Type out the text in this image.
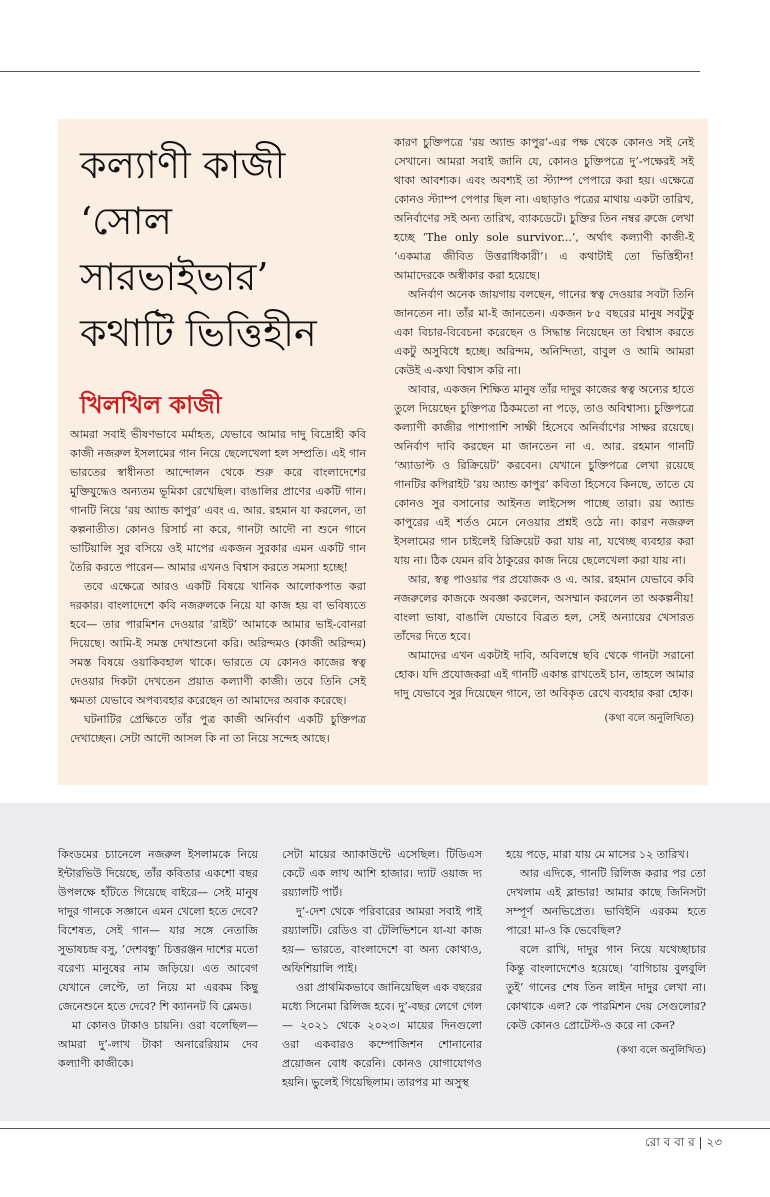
কল্যাণী কাজী
‘সোল
সারভাইভার’
কথাটি ভিত্তিহীন
খিলখিল কাজী

আমরা সবাই ভীষণভাবে মর্মাহত, যেভাবে আমার দাদু বিদ্রোহী কবি কাজী নজরুল ইসলামের গান নিয়ে ছেলেখেলা হল সম্প্রতি। এই গান ভারতের স্বাধীনতা আন্দোলন থেকে শুরু করে বাংলাদেশের মুক্তিযুদ্ধেও অন্যতম ভূমিকা রেখেছিল। বাঙালির প্রাণের একটি গান। গানটি নিয়ে ‘রয় অ্যান্ড কাপুর’ এবং এ. আর. রহমান যা করলেন, তা কল্পনাতীত। কোনও রিসার্চ না করে, গানটা আদৌ না শুনে গানে ভাটিয়ালি সুর বসিয়ে ওই মাপের একজন সুরকার এমন একটি গান তৈরি করতে পারেন— আমার এখনও বিশ্বাস করতে সমস্যা হচ্ছে!

তবে এক্ষেত্রে আরও একটি বিষয়ে খানিক আলোকপাত করা দরকার। বাংলাদেশে কবি নজরুলকে নিয়ে যা কাজ হয় বা ভবিষ্যতে হবে— তার পারমিশন দেওয়ার ‘রাইট’ আমাকে আমার ভাই-বোনরা দিয়েছে। আমি-ই সমস্ত দেখাশুনো করি। অরিন্দমও (কাজী অরিন্দম) সমস্ত বিষয়ে ওয়াকিবহাল থাকে। ভারতে যে কোনও কাজের স্বত্ব দেওয়ার দিকটা দেখতেন প্রয়াত কল্যাণী কাজী। তবে তিনি সেই ক্ষমতা যেভাবে অপব্যবহার করেছেন তা আমাদের অবাক করেছে।

ঘটনাটির প্রেক্ষিতে তাঁর পুত্র কাজী অনির্বাণ একটি চুক্তিপত্র দেখাচ্ছেন। সেটা আদৌ আসল কি না তা নিয়ে সন্দেহ আছে।

কারণ চুক্তিপত্রে ‘রয় অ্যান্ড কাপুর’-এর পক্ষ থেকে কোনও সই নেই সেখানে। আমরা সবাই জানি যে, কোনও চুক্তিপত্রে দু’-পক্ষেরই সই থাকা আবশ্যক। এবং অবশ্যই তা স্ট্যাম্প পেপারে করা হয়। এক্ষেত্রে কোনও স্ট্যাম্প পেপার ছিল না। এছাড়াও পত্রের মাথায় একটা তারিখ, অনির্বাণের সই অন্য তারিখ, ব্যাকডেটে। চুক্তির তিন নম্বর রুজে লেখা হচ্ছে ‘The only sole survivor...’, অর্থাৎ কল্যাণী কাজী-ই ‘একমাত্র জীবিত উত্তরাধিকারী’। এ কথাটাই তো ভিত্তিহীন! আমাদেরকে অস্বীকার করা হয়েছে।

অনির্বাণ অনেক জায়গায় বলছেন, গানের স্বত্ব দেওয়ার সবটা তিনি জানতেন না। তাঁর মা-ই জানতেন। একজন ৮৫ বছরের মানুষ সবটুকু একা বিচার-বিবেচনা করেছেন ও সিদ্ধান্ত নিয়েছেন তা বিশ্বাস করতে একটু অসুবিধে হচ্ছে। অরিন্দম, অনিন্দিতা, বাবুল ও আমি আমরা কেউই এ-কথা বিশ্বাস করি না।

আবার, একজন শিক্ষিত মানুষ তাঁর দাদুর কাজের স্বত্ব অন্যের হাতে তুলে দিয়েছেন চুক্তিপত্র ঠিকমতো না পড়ে, তাও অবিশ্বাস্য। চুক্তিপত্রে কল্যাণী কাজীর পাশাপাশি সাক্ষী হিসেবে অনির্বাণের সাক্ষর রয়েছে। অনির্বাণ দাবি করছেন মা জানতেন না এ. আর. রহমান গানটি ‘অ্যাডাপ্ট ও রিক্রিয়েট’ করবেন। যেখানে চুক্তিপত্রে লেখা রয়েছে গানটির কপিরাইট ‘রয় অ্যান্ড কাপুর’ কবিতা হিসেবে কিনছে, তাতে যে কোনও সুর বসানোর আইনত লাইসেন্স পাচ্ছে তারা। রয় অ্যান্ড কাপুরের এই শর্তও মেনে নেওয়ার প্রশ্নই ওঠে না। কারণ নজরুল ইসলামের গান চাইলেই রিক্রিয়েট করা যায় না, যথেচ্ছ ব্যবহার করা যায় না। ঠিক যেমন রবি ঠাকুরের কাজ নিয়ে ছেলেখেলা করা যায় না।

আর, স্বত্ব পাওয়ার পর প্রযোজক ও এ. আর. রহমান যেভাবে কবি নজরুলের কাজকে অবজ্ঞা করলেন, অসম্মান করলেন তা অকল্পনীয়! বাংলা ভাষা, বাঙালি যেভাবে বিব্রত হল, সেই অন্যায়ের খেসারত তাঁদের দিতে হবে।

আমাদের এখন একটাই দাবি, অবিলম্বে ছবি থেকে গানটা সরানো হোক। যদি প্রযোজকরা এই গানটি একান্ত রাখতেই চান, তাহলে আমার দাদু যেভাবে সুর দিয়েছেন গানে, তা অবিকৃত রেখে ব্যবহার করা হোক।

(কথা বলে অনুলিখিত)

কিংডমের চ্যানেলে নজরুল ইসলামকে নিয়ে ইন্টারভিউ দিয়েছে, তাঁর কবিতার একশো বছর উপলক্ষে হাঁটতে গিয়েছে বাইরে— সেই মানুষ দাদুর গানকে সজ্ঞানে এমন খেলো হতে দেবে? বিশেষত, সেই গান— যার সঙ্গে নেতাজি সুভাষচন্দ্র বসু, ‘দেশবন্ধু’ চিত্তরঞ্জন দাশের মতো বরেণ্য মানুষের নাম জড়িয়ে। এত আবেগ যেখানে লেপ্টে, তা নিয়ে মা এরকম কিছু জেনেশুনে হতে দেবে? শি ক্যাননট বি ব্লেমড।

মা কোনও টাকাও চায়নি। ওরা বলেছিল— আমরা দু’-লাখ টাকা অনারেরিয়াম দেব কল্যাণী কাজীকে।

সেটা মায়ের অ্যাকাউন্টে এসেছিল। টিডিএস কেটে এক লাখ আশি হাজার। দ্যাট ওয়াজ দ্য রয়্যালটি পার্ট।

দু’-দেশ থেকে পরিবারের আমরা সবাই পাই রয়্যালটি। রেডিও বা টেলিভিশনে যা-যা কাজ হয়— ভারতে, বাংলাদেশে বা অন্য কোথাও, অফিশিয়ালি পাই।

ওরা প্রাথমিকভাবে জানিয়েছিল এক বছরের মধ্যে সিনেমা রিলিজ হবে। দু’-বছর লেগে গেল— ২০২১ থেকে ২০২৩। মায়ের দিনগুলো ওরা একবারও কম্পোজিশন শোনানোর প্রয়োজন বোধ করেনি। কোনও যোগাযোগও হয়নি। ভুলেই গিয়েছিলাম। তারপর মা অসুস্থ

হয়ে পড়ে, মারা যায় মে মাসের ১২ তারিখ।

আর এদিকে, গানটি রিলিজ করার পর তো দেখলাম এই ব্লান্ডার! আমার কাছে জিনিসটা সম্পূর্ণ অনভিপ্রেত। ভাবিইনি এরকম হতে পারে! মা-ও কি ভেবেছিল?

বলে রাখি, দাদুর গান নিয়ে যথেচ্ছাচার কিন্তু বাংলাদেশেও হয়েছে। ‘বাগিচায় বুলবুলি তুই’ গানের শেষ তিন লাইন দাদুর লেখা না। কোথাকে এল? কে পারমিশন দেয় সেগুলোর? কেউ কোনও প্রোটেস্ট-ও করে না কেন?

(কথা বলে অনুলিখিত)
রো ব বা র | ২৩
